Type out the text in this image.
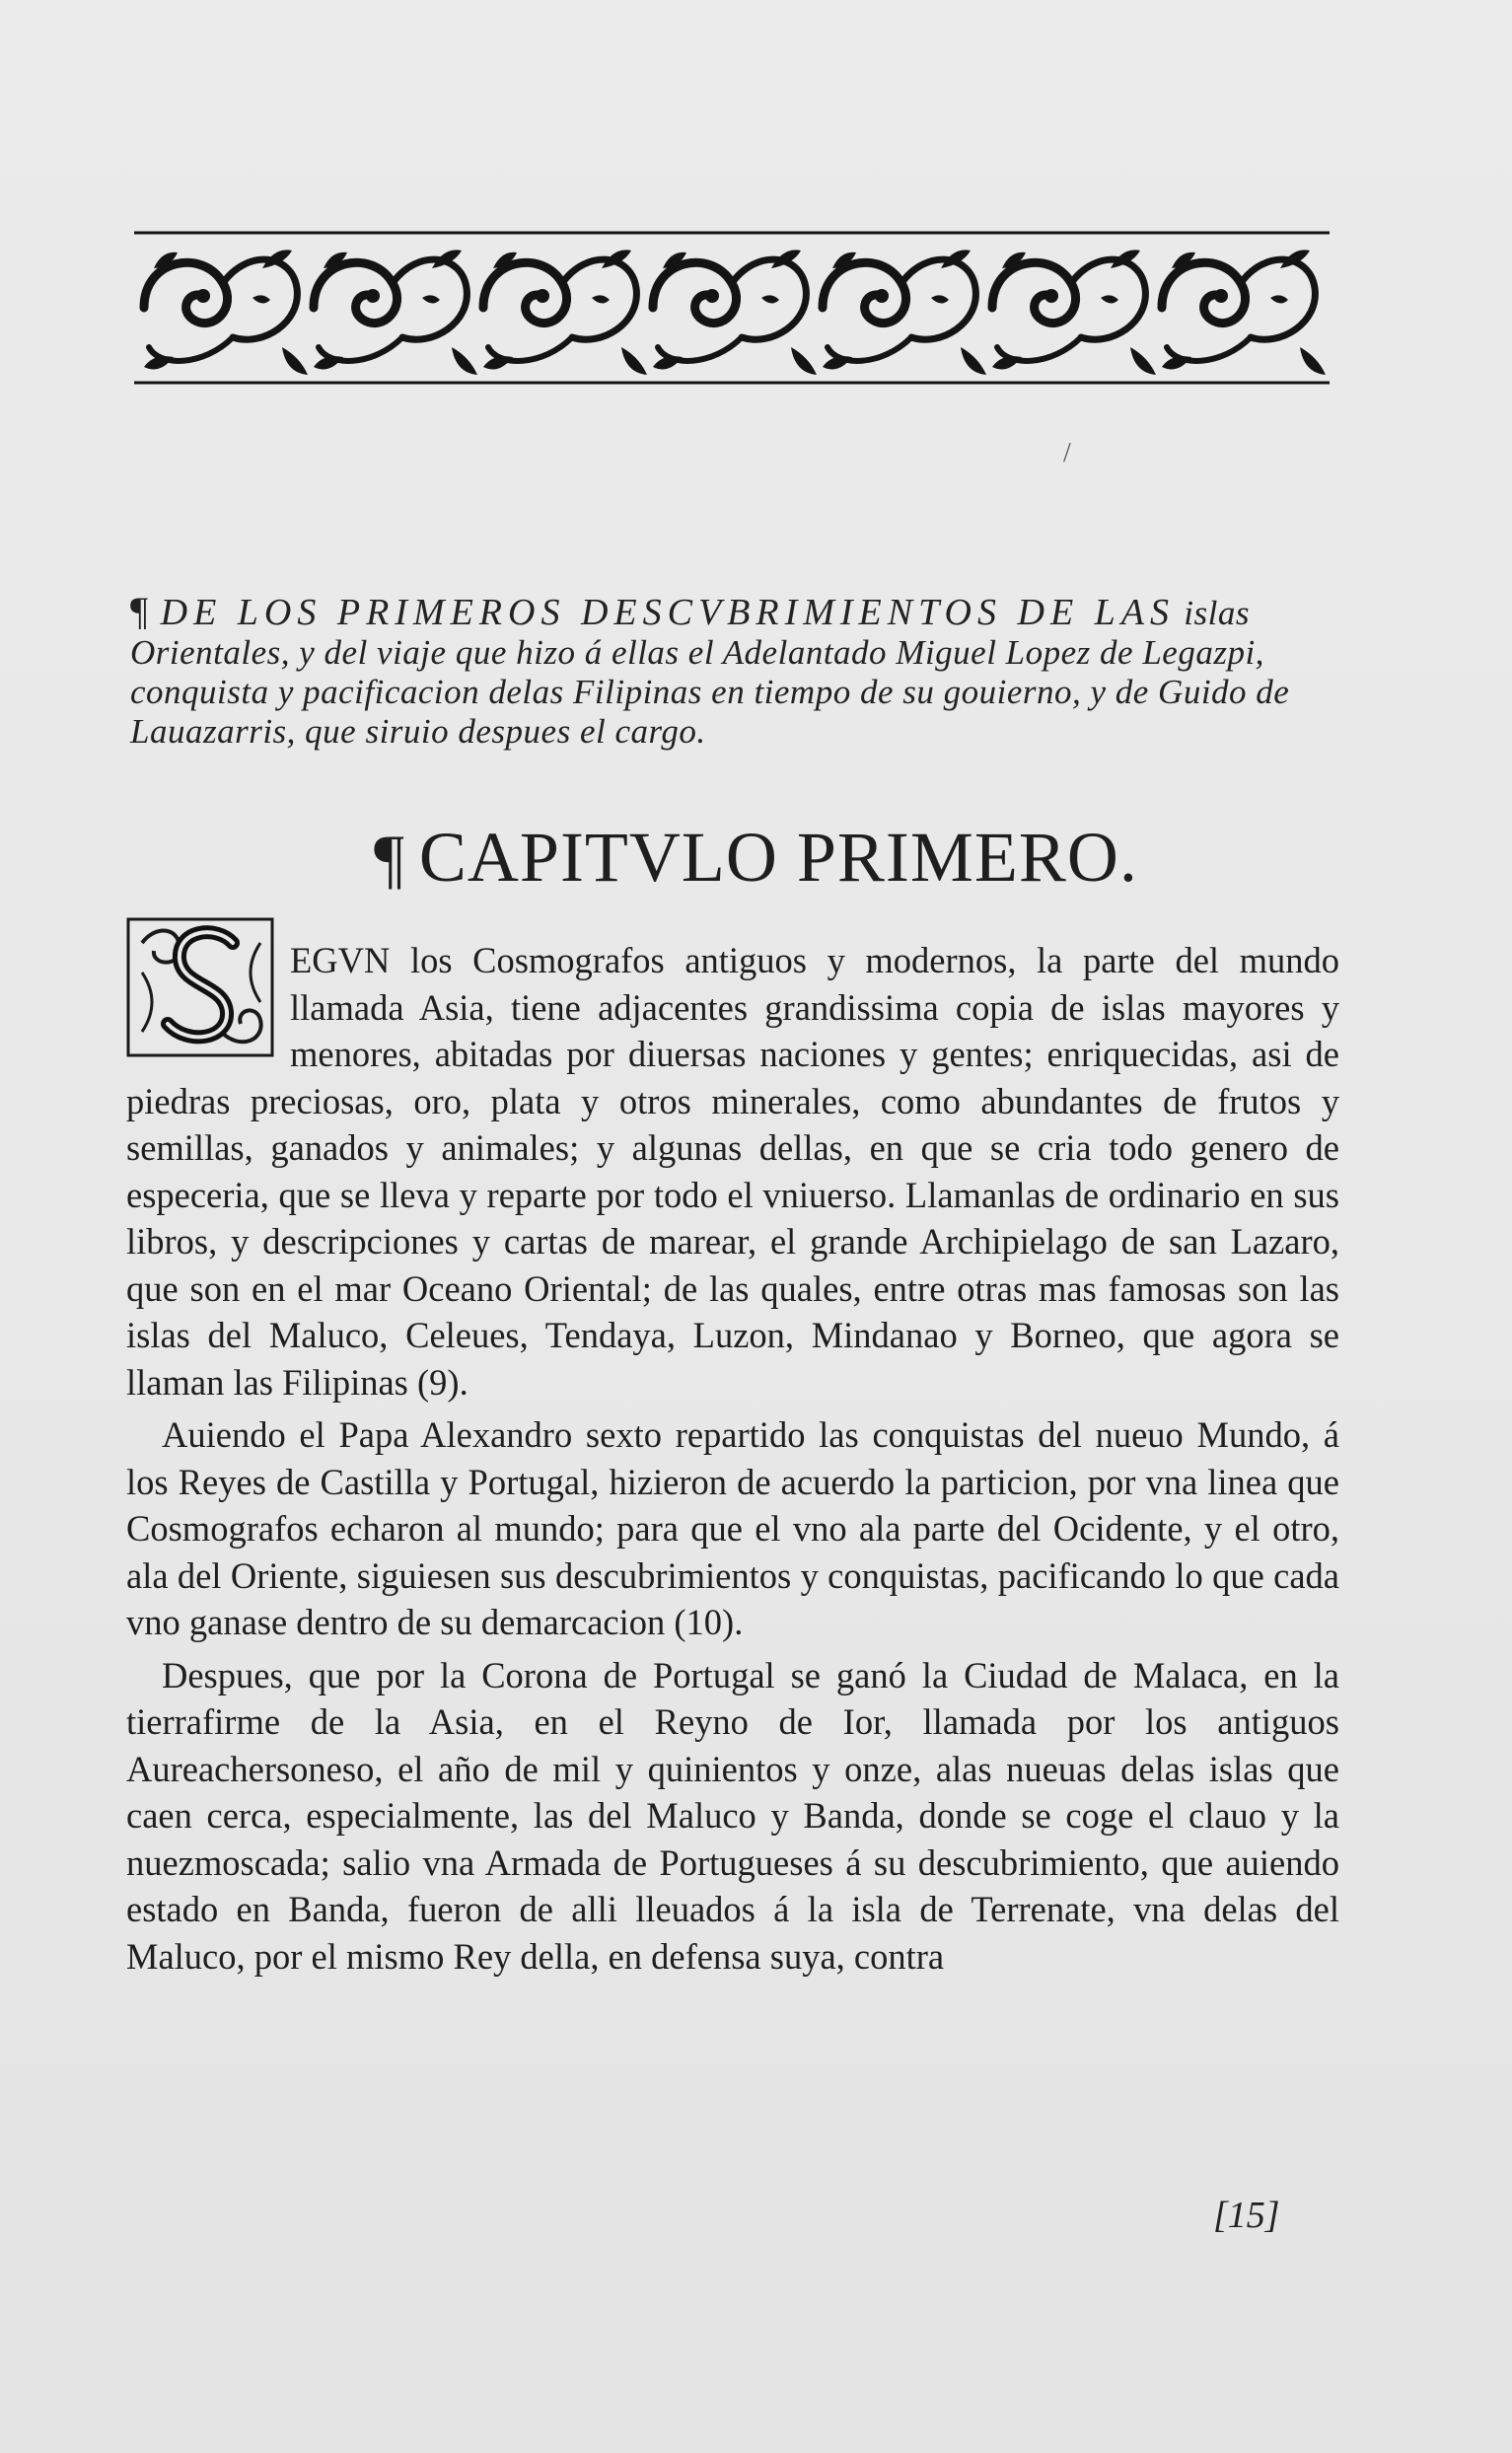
/
¶ DE LOS PRIMEROS DESCVBRIMIENTOS DE LAS islas Orientales, y del viaje que hizo á ellas el Adelantado Miguel Lopez de Legazpi, conquista y pacificacion delas Filipinas en tiempo de su gouierno, y de Guido de Lauazarris, que siruio despues el cargo.
¶ CAPITVLO PRIMERO.
S

EGVN los Cosmografos antiguos y modernos, la parte del mundo llamada Asia, tiene adjacentes grandissima copia de islas mayores y menores, abitadas por diuersas naciones y gentes; enriquecidas, asi de piedras preciosas, oro, plata y otros minerales, como abundantes de frutos y semillas, ganados y animales; y algunas dellas, en que se cria todo genero de especeria, que se lleva y reparte por todo el vniuerso. Llamanlas de ordinario en sus libros, y descripciones y cartas de marear, el grande Archipielago de san Lazaro, que son en el mar Oceano Oriental; de las quales, entre otras mas famosas son las islas del Maluco, Celeues, Tendaya, Luzon, Mindanao y Borneo, que agora se llaman las Filipinas (9).

Auiendo el Papa Alexandro sexto repartido las conquistas del nueuo Mundo, á los Reyes de Castilla y Portugal, hizieron de acuerdo la particion, por vna linea que Cosmografos echaron al mundo; para que el vno ala parte del Ocidente, y el otro, ala del Oriente, siguiesen sus descubrimientos y conquistas, pacificando lo que cada vno ganase dentro de su demarcacion (10).

Despues, que por la Corona de Portugal se ganó la Ciudad de Malaca, en la tierrafirme de la Asia, en el Reyno de Ior, llamada por los antiguos Aureachersoneso, el año de mil y quinientos y onze, alas nueuas delas islas que caen cerca, especialmente, las del Maluco y Banda, donde se coge el clauo y la nuezmoscada; salio vna Armada de Portugueses á su descubrimiento, que auiendo estado en Banda, fueron de alli lleuados á la isla de Terrenate, vna delas del Maluco, por el mismo Rey della, en defensa suya, contra

[15]
